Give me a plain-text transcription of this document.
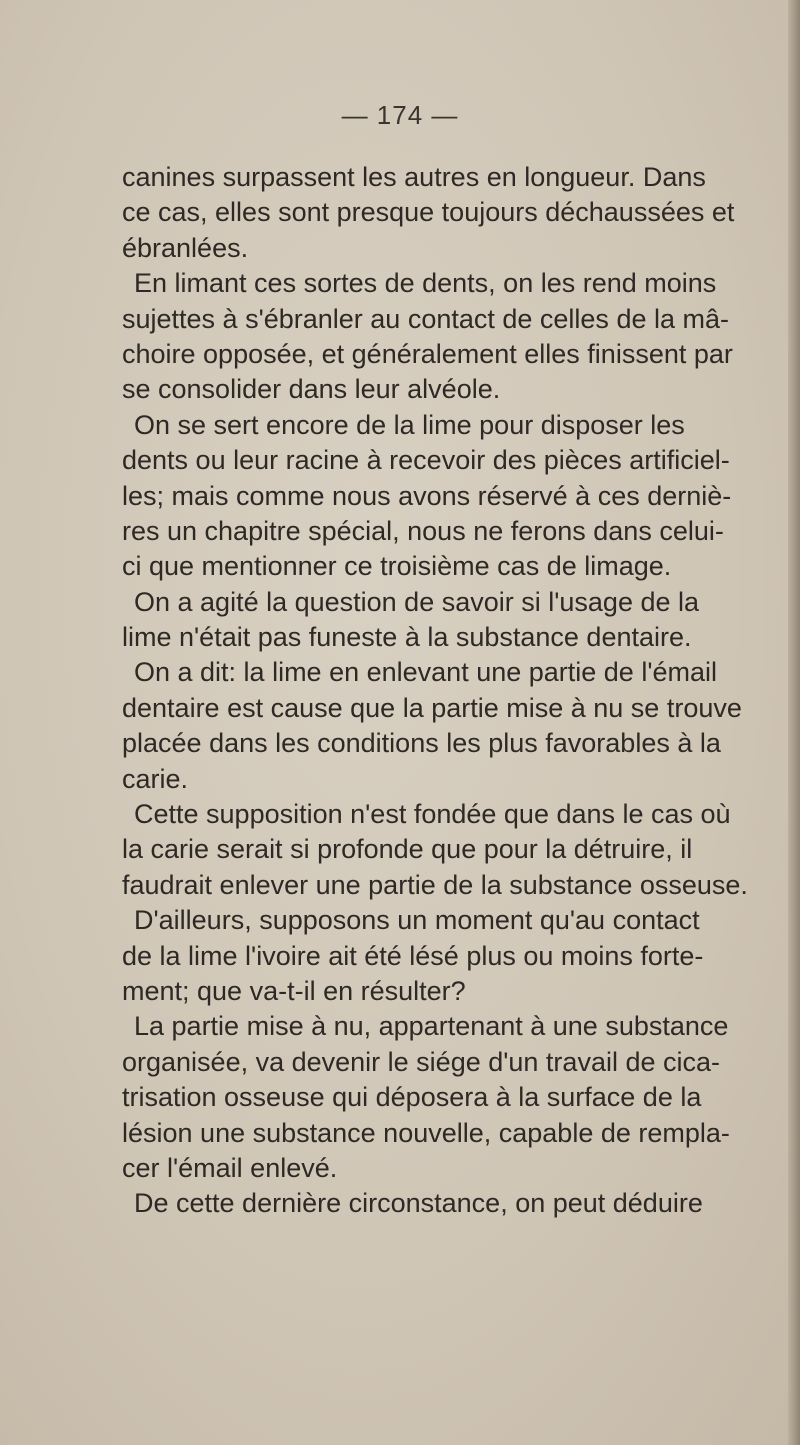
— 174 —
canines surpassent les autres en longueur. Dans
ce cas, elles sont presque toujours déchaussées et
ébranlées.
En limant ces sortes de dents, on les rend moins
sujettes à s'ébranler au contact de celles de la mâ-
choire opposée, et généralement elles finissent par
se consolider dans leur alvéole.
On se sert encore de la lime pour disposer les
dents ou leur racine à recevoir des pièces artificiel-
les; mais comme nous avons réservé à ces derniè-
res un chapitre spécial, nous ne ferons dans celui-
ci que mentionner ce troisième cas de limage.
On a agité la question de savoir si l'usage de la
lime n'était pas funeste à la substance dentaire.
On a dit: la lime en enlevant une partie de l'émail
dentaire est cause que la partie mise à nu se trouve
placée dans les conditions les plus favorables à la
carie.
Cette supposition n'est fondée que dans le cas où
la carie serait si profonde que pour la détruire, il
faudrait enlever une partie de la substance osseuse.
D'ailleurs, supposons un moment qu'au contact
de la lime l'ivoire ait été lésé plus ou moins forte-
ment; que va-t-il en résulter?
La partie mise à nu, appartenant à une substance
organisée, va devenir le siége d'un travail de cica-
trisation osseuse qui déposera à la surface de la
lésion une substance nouvelle, capable de rempla-
cer l'émail enlevé.
De cette dernière circonstance, on peut déduire
